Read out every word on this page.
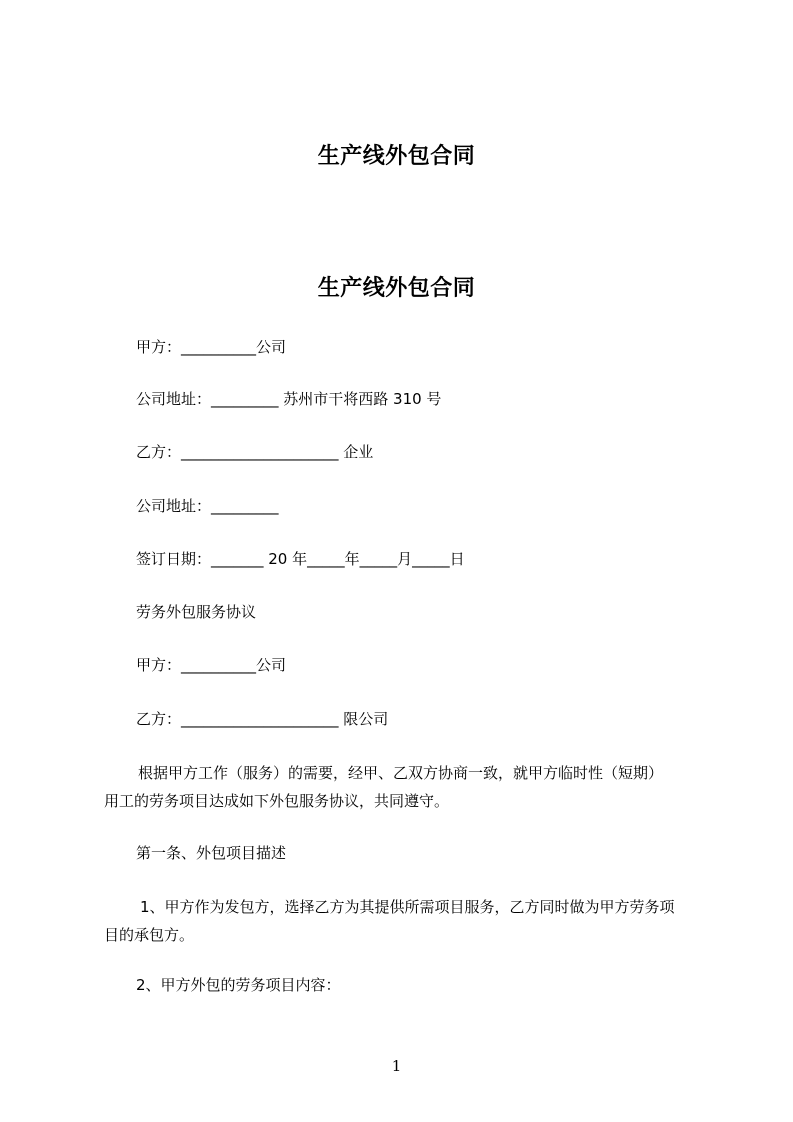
生产线外包合同
生产线外包合同
甲方：__________公司
公司地址：_________ 苏州市干将西路 310 号
乙方：_____________________ 企业
公司地址：_________
签订日期：_______ 20 年_____年_____月_____日
劳务外包服务协议
甲方：__________公司
乙方：_____________________ 限公司
根据甲方工作（服务）的需要，经甲、乙双方协商一致，就甲方临时性（短期）
用工的劳务项目达成如下外包服务协议，共同遵守。
第一条、外包项目描述
1、甲方作为发包方，选择乙方为其提供所需项目服务，乙方同时做为甲方劳务项
目的承包方。
2、甲方外包的劳务项目内容：
1
